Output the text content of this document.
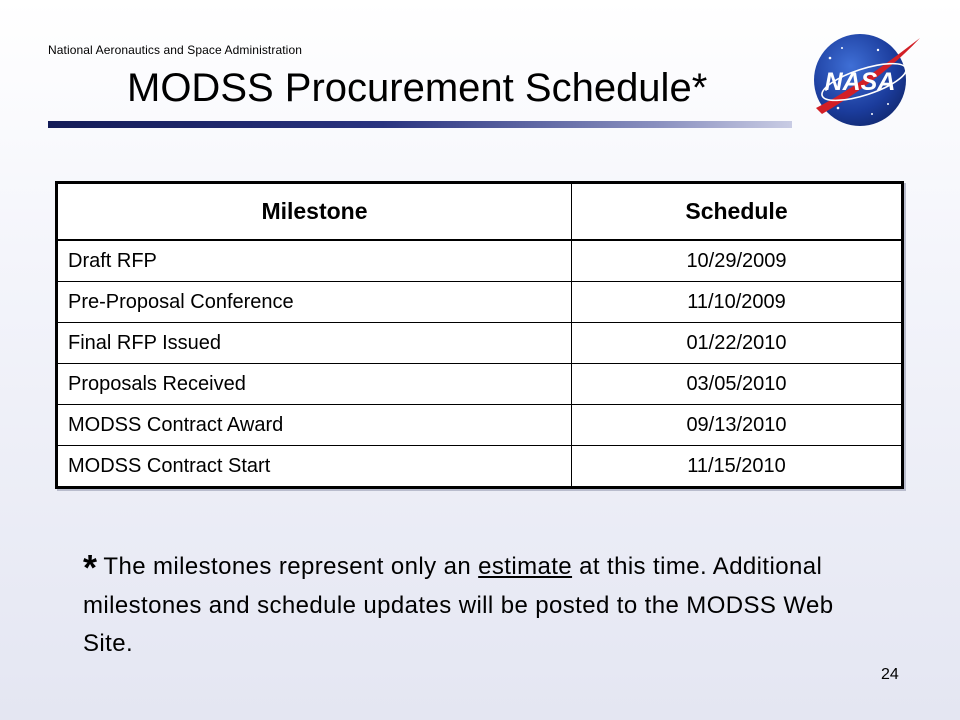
National Aeronautics and Space Administration
MODSS Procurement Schedule*	NASA
Milestone	Schedule
Draft RFP	10/29/2009
Pre-Proposal Conference	11/10/2009
Final RFP Issued	01/22/2010
Proposals Received	03/05/2010
MODSS Contract Award	09/13/2010
MODSS Contract Start	11/15/2010

* The milestones represent only an estimate at this time. Additional milestones and schedule updates will be posted to the MODSS Web Site.

24
